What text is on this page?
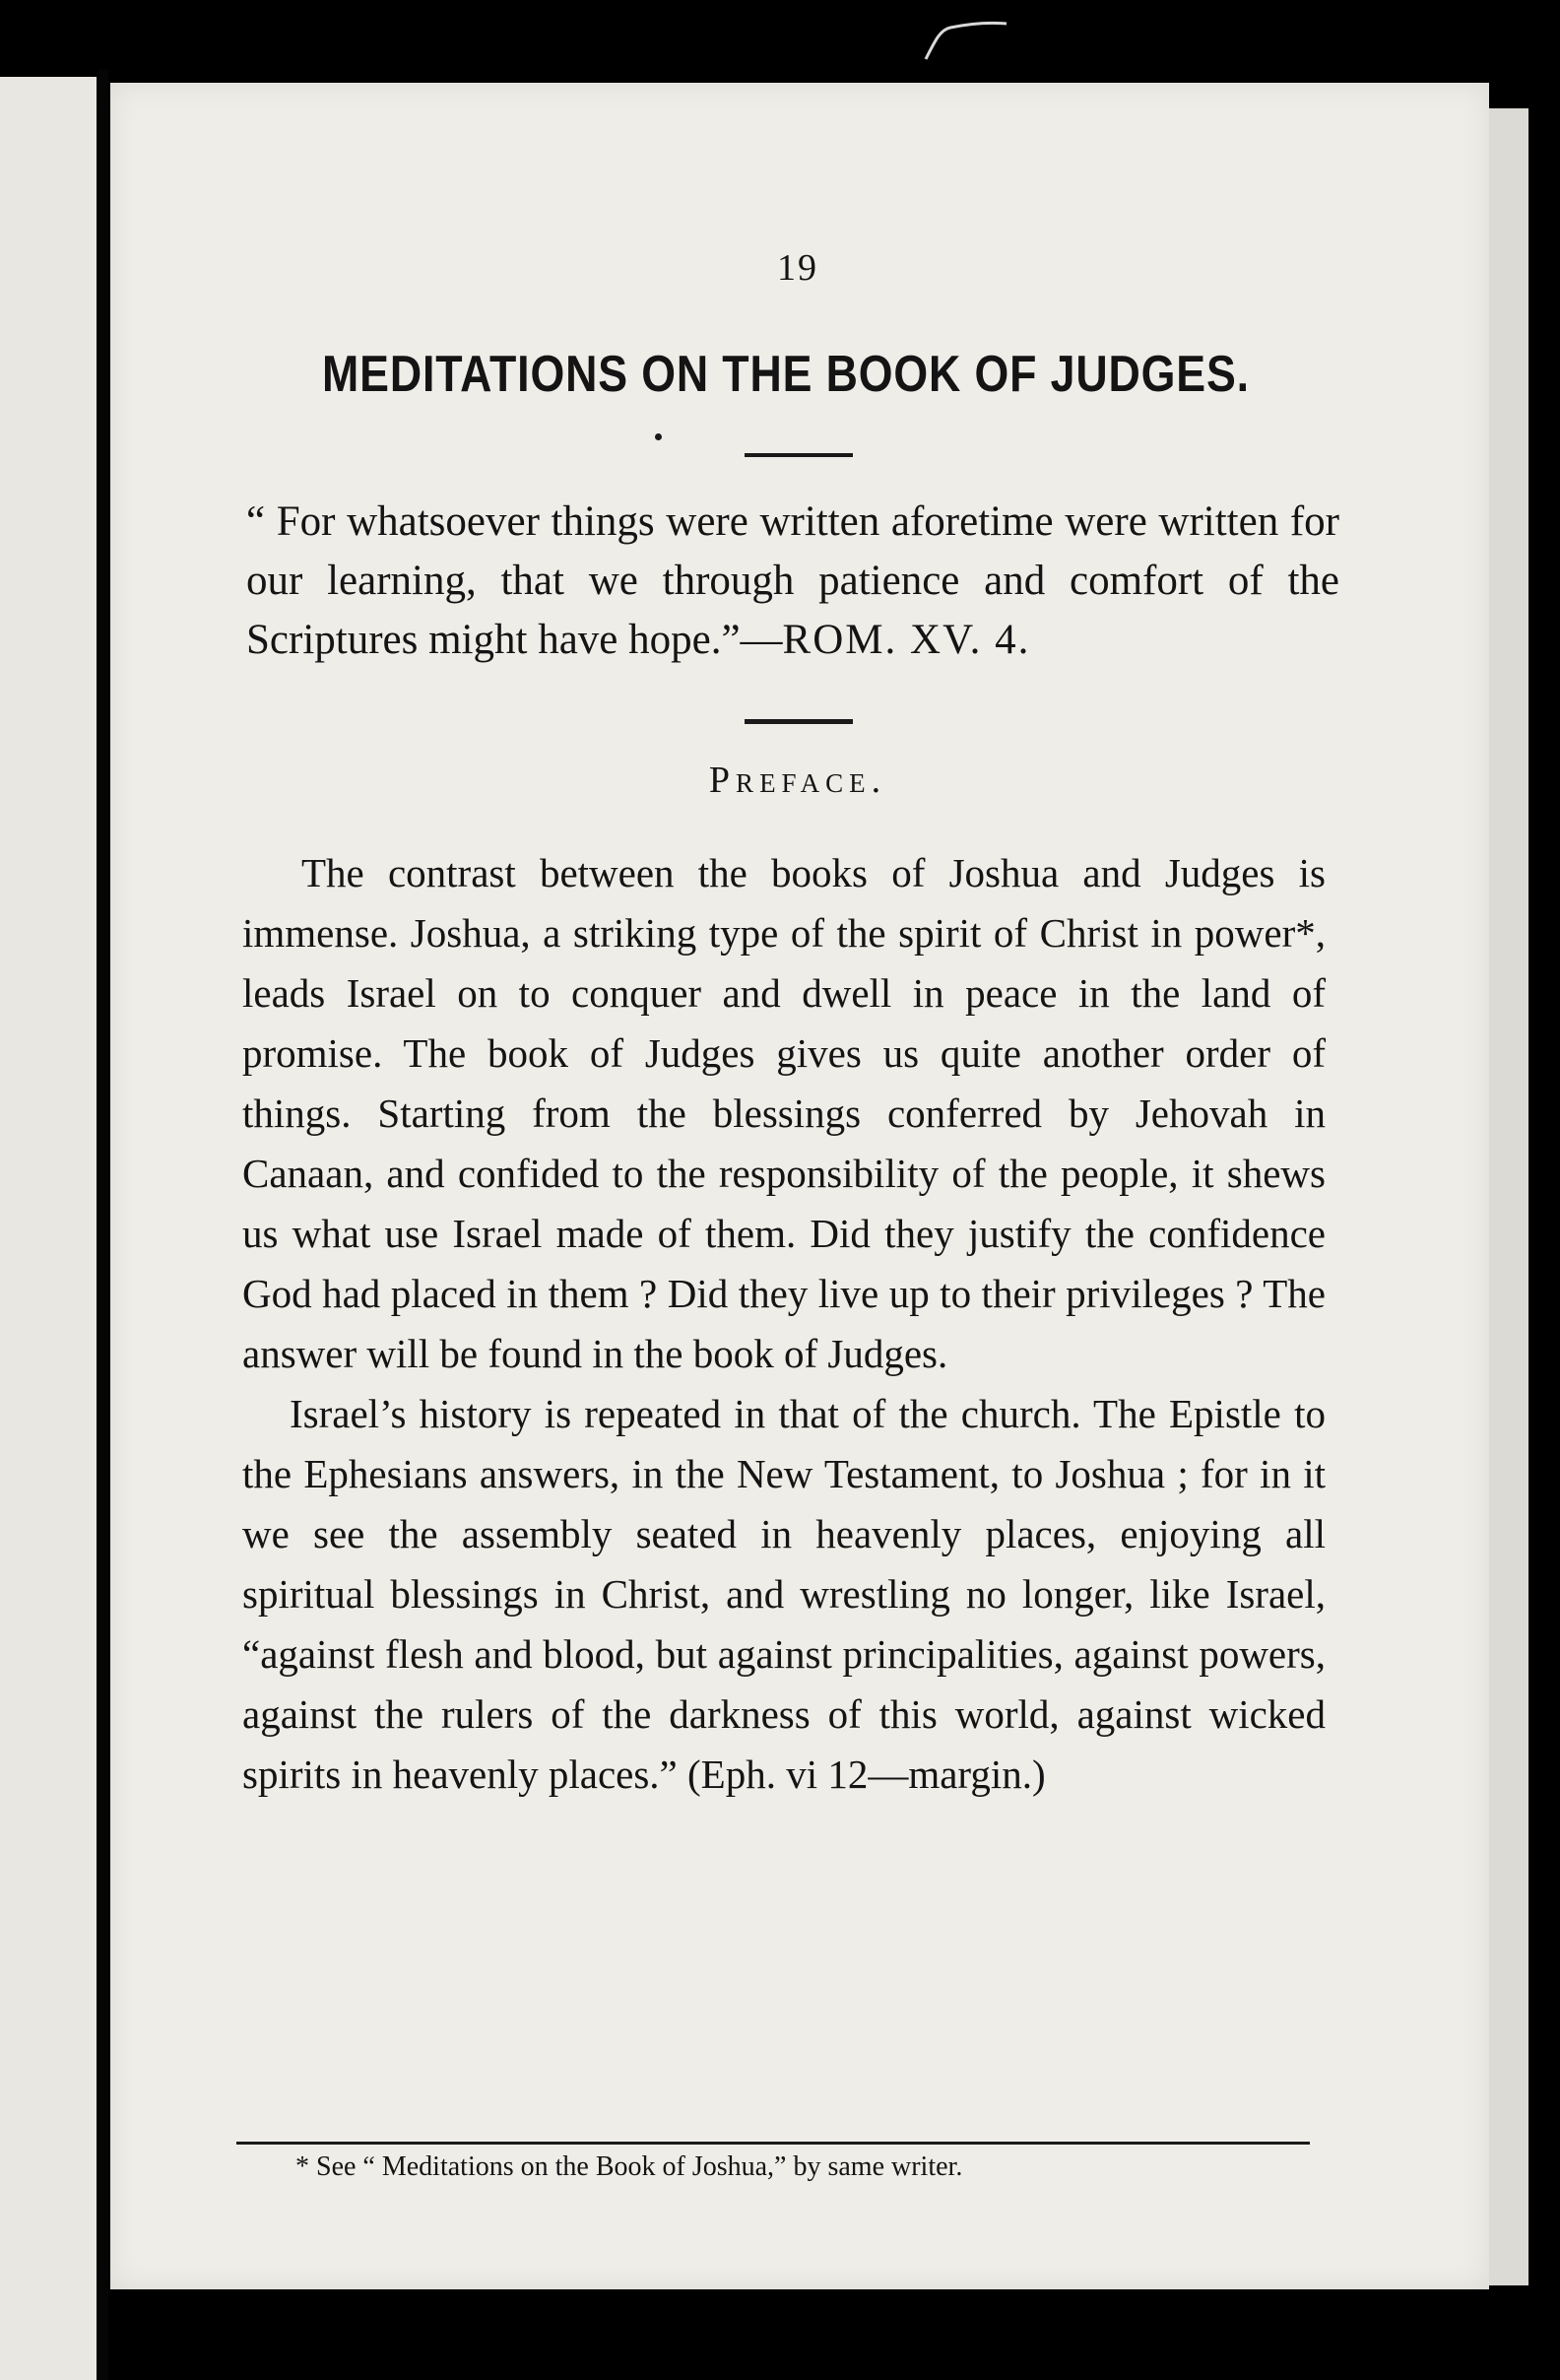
19
MEDITATIONS ON THE BOOK OF JUDGES.
“ For whatsoever things were written aforetime were written for our learning, that we through patience and comfort of the Scriptures might have hope.”—ROM. XV. 4.
Preface.

The contrast between the books of Joshua and Judges is immense. Joshua, a striking type of the spirit of Christ in power*, leads Israel on to conquer and dwell in peace in the land of promise. The book of Judges gives us quite another order of things. Starting from the blessings conferred by Jehovah in Canaan, and confided to the responsibility of the people, it shews us what use Israel made of them. Did they justify the confidence God had placed in them ? Did they live up to their privileges ? The answer will be found in the book of Judges.

Israel’s history is repeated in that of the church. The Epistle to the Ephesians answers, in the New Testament, to Joshua ; for in it we see the assembly seated in heavenly places, enjoying all spiritual blessings in Christ, and wrestling no longer, like Israel, “against flesh and blood, but against principalities, against powers, against the rulers of the darkness of this world, against wicked spirits in heavenly places.” (Eph. vi 12—margin.)

* See “ Meditations on the Book of Joshua,” by same writer.
